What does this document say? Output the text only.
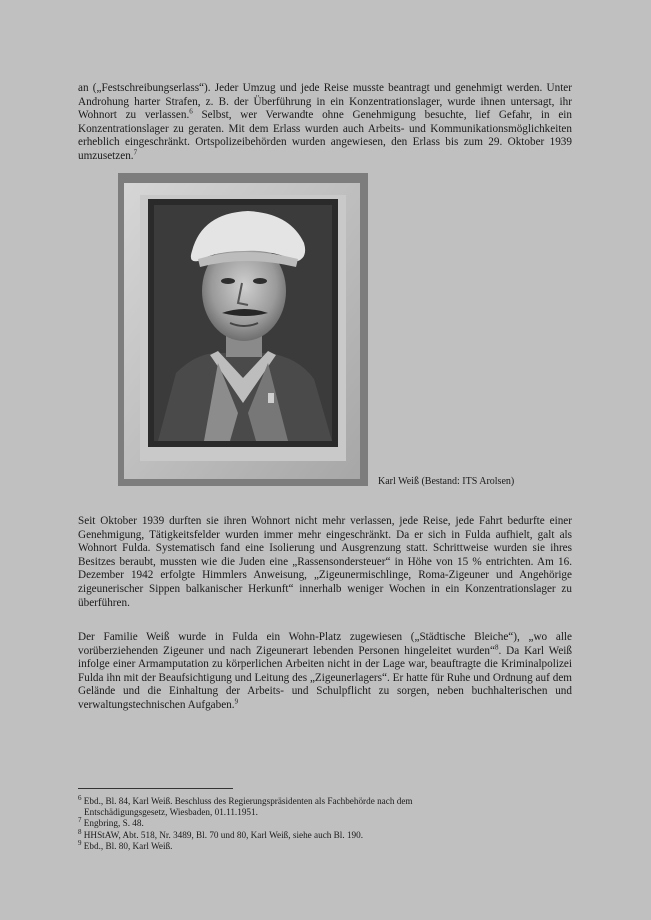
an („Festschreibungserlass“). Jeder Umzug und jede Reise musste beantragt und genehmigt werden. Unter Androhung harter Strafen, z. B. der Überführung in ein Konzentrationslager, wurde ihnen untersagt, ihr Wohnort zu verlassen.$^6$ Selbst, wer Verwandte ohne Genehmigung besuchte, lief Gefahr, in ein Konzentrationslager zu geraten. Mit dem Erlass wurden auch Arbeits- und Kommunikationsmöglichkeiten erheblich eingeschränkt. Ortspolizeibehörden wurden angewiesen, den Erlass bis zum 29. Oktober 1939 umzusetzen.$^7$

Karl Weiß (Bestand: ITS Arolsen)

Seit Oktober 1939 durften sie ihren Wohnort nicht mehr verlassen, jede Reise, jede Fahrt bedurfte einer Genehmigung, Tätigkeitsfelder wurden immer mehr eingeschränkt. Da er sich in Fulda aufhielt, galt als Wohnort Fulda. Systematisch fand eine Isolierung und Ausgrenzung statt. Schrittweise wurden sie ihres Besitzes beraubt, mussten wie die Juden eine „Rassensondersteuer“ in Höhe von 15 % entrichten. Am 16. Dezember 1942 erfolgte Himmlers Anweisung, „Zigeunermischlinge, Roma-Zigeuner und Angehörige zigeunerischer Sippen balkanischer Herkunft“ innerhalb weniger Wochen in ein Konzentrationslager zu überführen.

Der Familie Weiß wurde in Fulda ein Wohn-Platz zugewiesen („Städtische Bleiche“), „wo alle vorüberziehenden Zigeuner und nach Zigeunerart lebenden Personen hingeleitet wurden“$^8$. Da Karl Weiß infolge einer Armamputation zu körperlichen Arbeiten nicht in der Lage war, beauftragte die Kriminalpolizei Fulda ihn mit der Beaufsichtigung und Leitung des „Zigeunerlagers“. Er hatte für Ruhe und Ordnung auf dem Gelände und die Einhaltung der Arbeits- und Schulpflicht zu sorgen, neben buchhalterischen und verwaltungstechnischen Aufgaben.$^9$

$^6$ Ebd., Bl. 84, Karl Weiß. Beschluss des Regierungspräsidenten als Fachbehörde nach dem
Entschädigungsgesetz, Wiesbaden, 01.11.1951.
$^7$ Engbring, S. 48.
$^8$ HHStAW, Abt. 518, Nr. 3489, Bl. 70 und 80, Karl Weiß, siehe auch Bl. 190.
$^9$ Ebd., Bl. 80, Karl Weiß.
